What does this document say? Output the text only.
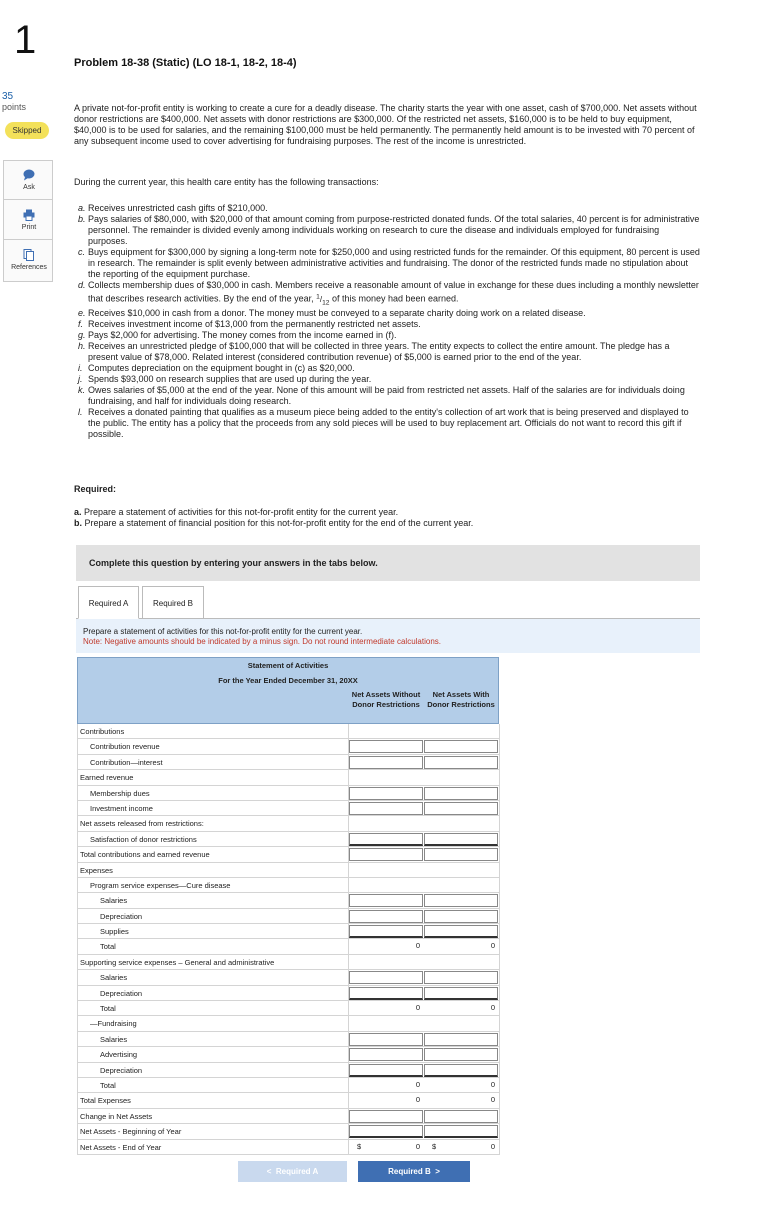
1
35
points
Skipped
Ask
Print
References
Problem 18-38 (Static) (LO 18-1, 18-2, 18-4)
A private not-for-profit entity is working to create a cure for a deadly disease. The charity starts the year with one asset, cash of $700,000. Net assets without donor restrictions are $400,000. Net assets with donor restrictions are $300,000. Of the restricted net assets, $160,000 is to be held to buy equipment, $40,000 is to be used for salaries, and the remaining $100,000 must be held permanently. The permanently held amount is to be invested with 70 percent of any subsequent income used to cover advertising for fundraising purposes. The rest of the income is unrestricted.
During the current year, this health care entity has the following transactions:
a. Receives unrestricted cash gifts of $210,000.
b. Pays salaries of $80,000, with $20,000 of that amount coming from purpose-restricted donated funds. Of the total salaries, 40 percent is for administrative personnel. The remainder is divided evenly among individuals working on research to cure the disease and individuals employed for fundraising purposes.
c. Buys equipment for $300,000 by signing a long-term note for $250,000 and using restricted funds for the remainder. Of this equipment, 80 percent is used in research. The remainder is split evenly between administrative activities and fundraising. The donor of the restricted funds made no stipulation about the reporting of the equipment purchase.
d. Collects membership dues of $30,000 in cash. Members receive a reasonable amount of value in exchange for these dues including a monthly newsletter that describes research activities. By the end of the year, $^1/_{12}$ of this money had been earned.
e. Receives $10,000 in cash from a donor. The money must be conveyed to a separate charity doing work on a related disease.
f. Receives investment income of $13,000 from the permanently restricted net assets.
g. Pays $2,000 for advertising. The money comes from the income earned in (f).
h. Receives an unrestricted pledge of $100,000 that will be collected in three years. The entity expects to collect the entire amount. The pledge has a present value of $78,000. Related interest (considered contribution revenue) of $5,000 is earned prior to the end of the year.
i. Computes depreciation on the equipment bought in (c) as $20,000.
j. Spends $93,000 on research supplies that are used up during the year.
k. Owes salaries of $5,000 at the end of the year. None of this amount will be paid from restricted net assets. Half of the salaries are for individuals doing fundraising, and half for individuals doing research.
l. Receives a donated painting that qualifies as a museum piece being added to the entity's collection of art work that is being preserved and displayed to the public. The entity has a policy that the proceeds from any sold pieces will be used to buy replacement art. Officials do not want to record this gift if possible.
Required:
a. Prepare a statement of activities for this not-for-profit entity for the current year.
b. Prepare a statement of financial position for this not-for-profit entity for the end of the current year.
Complete this question by entering your answers in the tabs below.
Required A	Required B
Prepare a statement of activities for this not-for-profit entity for the current year.
Note: Negative amounts should be indicated by a minus sign. Do not round intermediate calculations.
Statement of Activities
For the Year Ended December 31, 20XX
Net Assets Without Donor Restrictions
Net Assets With Donor Restrictions
Contributions
Contribution revenue
Contribution—interest
Earned revenue
Membership dues
Investment income
Net assets released from restrictions:
Satisfaction of donor restrictions
Total contributions and earned revenue
Expenses
Program service expenses—Cure disease
Salaries
Depreciation
Supplies
Total	0	0
Supporting service expenses – General and administrative
Salaries
Depreciation
Total	0	0
—Fundraising
Salaries
Advertising
Depreciation
Total	0	0
Total Expenses	0	0
Change in Net Assets
Net Assets - Beginning of Year
Net Assets - End of Year	$	0	$	0
< Required A	Required B >
